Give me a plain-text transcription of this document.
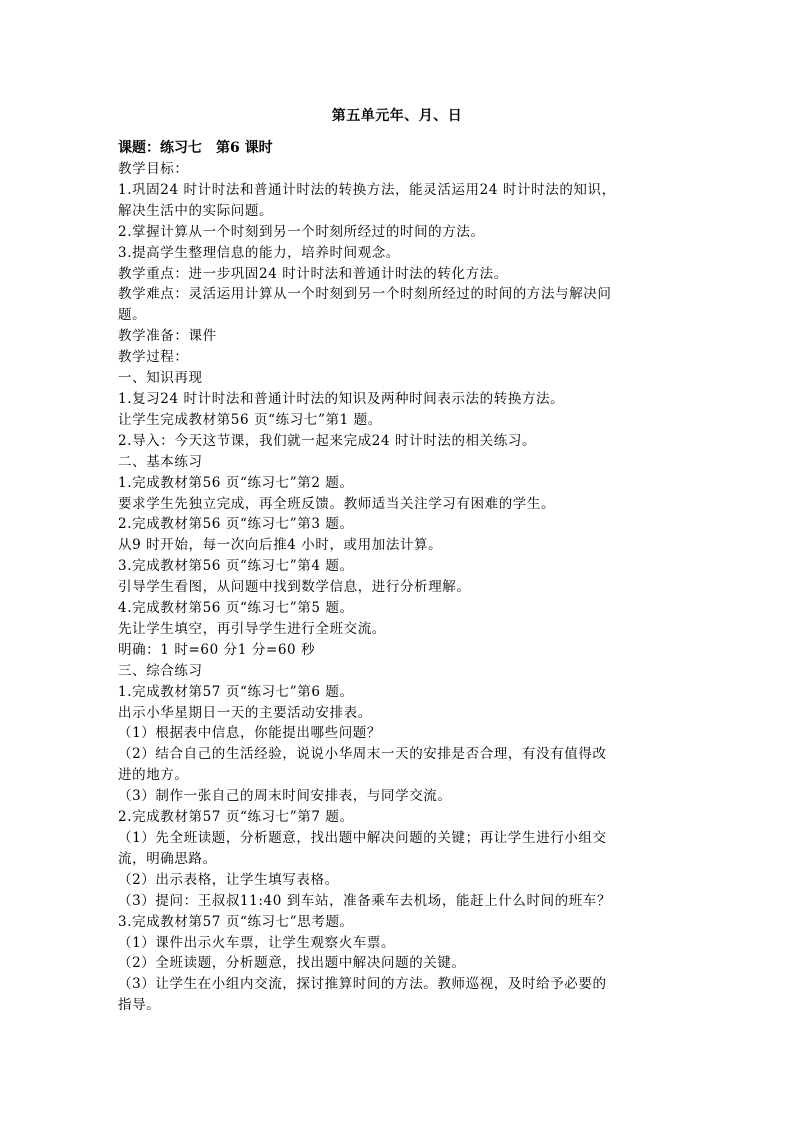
第五单元年、月、日
课题：练习七　第6 课时
教学目标：
1.巩固24 时计时法和普通计时法的转换方法，能灵活运用24 时计时法的知识，
解决生活中的实际问题。
2.掌握计算从一个时刻到另一个时刻所经过的时间的方法。
3.提高学生整理信息的能力，培养时间观念。
教学重点：进一步巩固24 时计时法和普通计时法的转化方法。
教学难点：灵活运用计算从一个时刻到另一个时刻所经过的时间的方法与解决问
题。
教学准备：课件
教学过程：
一、知识再现
1.复习24 时计时法和普通计时法的知识及两种时间表示法的转换方法。
让学生完成教材第56 页“练习七”第1 题。
2.导入：今天这节课，我们就一起来完成24 时计时法的相关练习。
二、基本练习
1.完成教材第56 页“练习七”第2 题。
要求学生先独立完成，再全班反馈。教师适当关注学习有困难的学生。
2.完成教材第56 页“练习七”第3 题。
从9 时开始，每一次向后推4 小时，或用加法计算。
3.完成教材第56 页“练习七”第4 题。
引导学生看图，从问题中找到数学信息，进行分析理解。
4.完成教材第56 页“练习七”第5 题。
先让学生填空，再引导学生进行全班交流。
明确：1 时=60 分1 分=60 秒
三、综合练习
1.完成教材第57 页“练习七”第6 题。
出示小华星期日一天的主要活动安排表。
（1）根据表中信息，你能提出哪些问题？
（2）结合自己的生活经验，说说小华周末一天的安排是否合理，有没有值得改
进的地方。
（3）制作一张自己的周末时间安排表，与同学交流。
2.完成教材第57 页“练习七”第7 题。
（1）先全班读题，分析题意，找出题中解决问题的关键；再让学生进行小组交
流，明确思路。
（2）出示表格，让学生填写表格。
（3）提问：王叔叔11:40 到车站，准备乘车去机场，能赶上什么时间的班车？
3.完成教材第57 页“练习七”思考题。
（1）课件出示火车票，让学生观察火车票。
（2）全班读题，分析题意，找出题中解决问题的关键。
（3）让学生在小组内交流，探讨推算时间的方法。教师巡视，及时给予必要的
指导。
